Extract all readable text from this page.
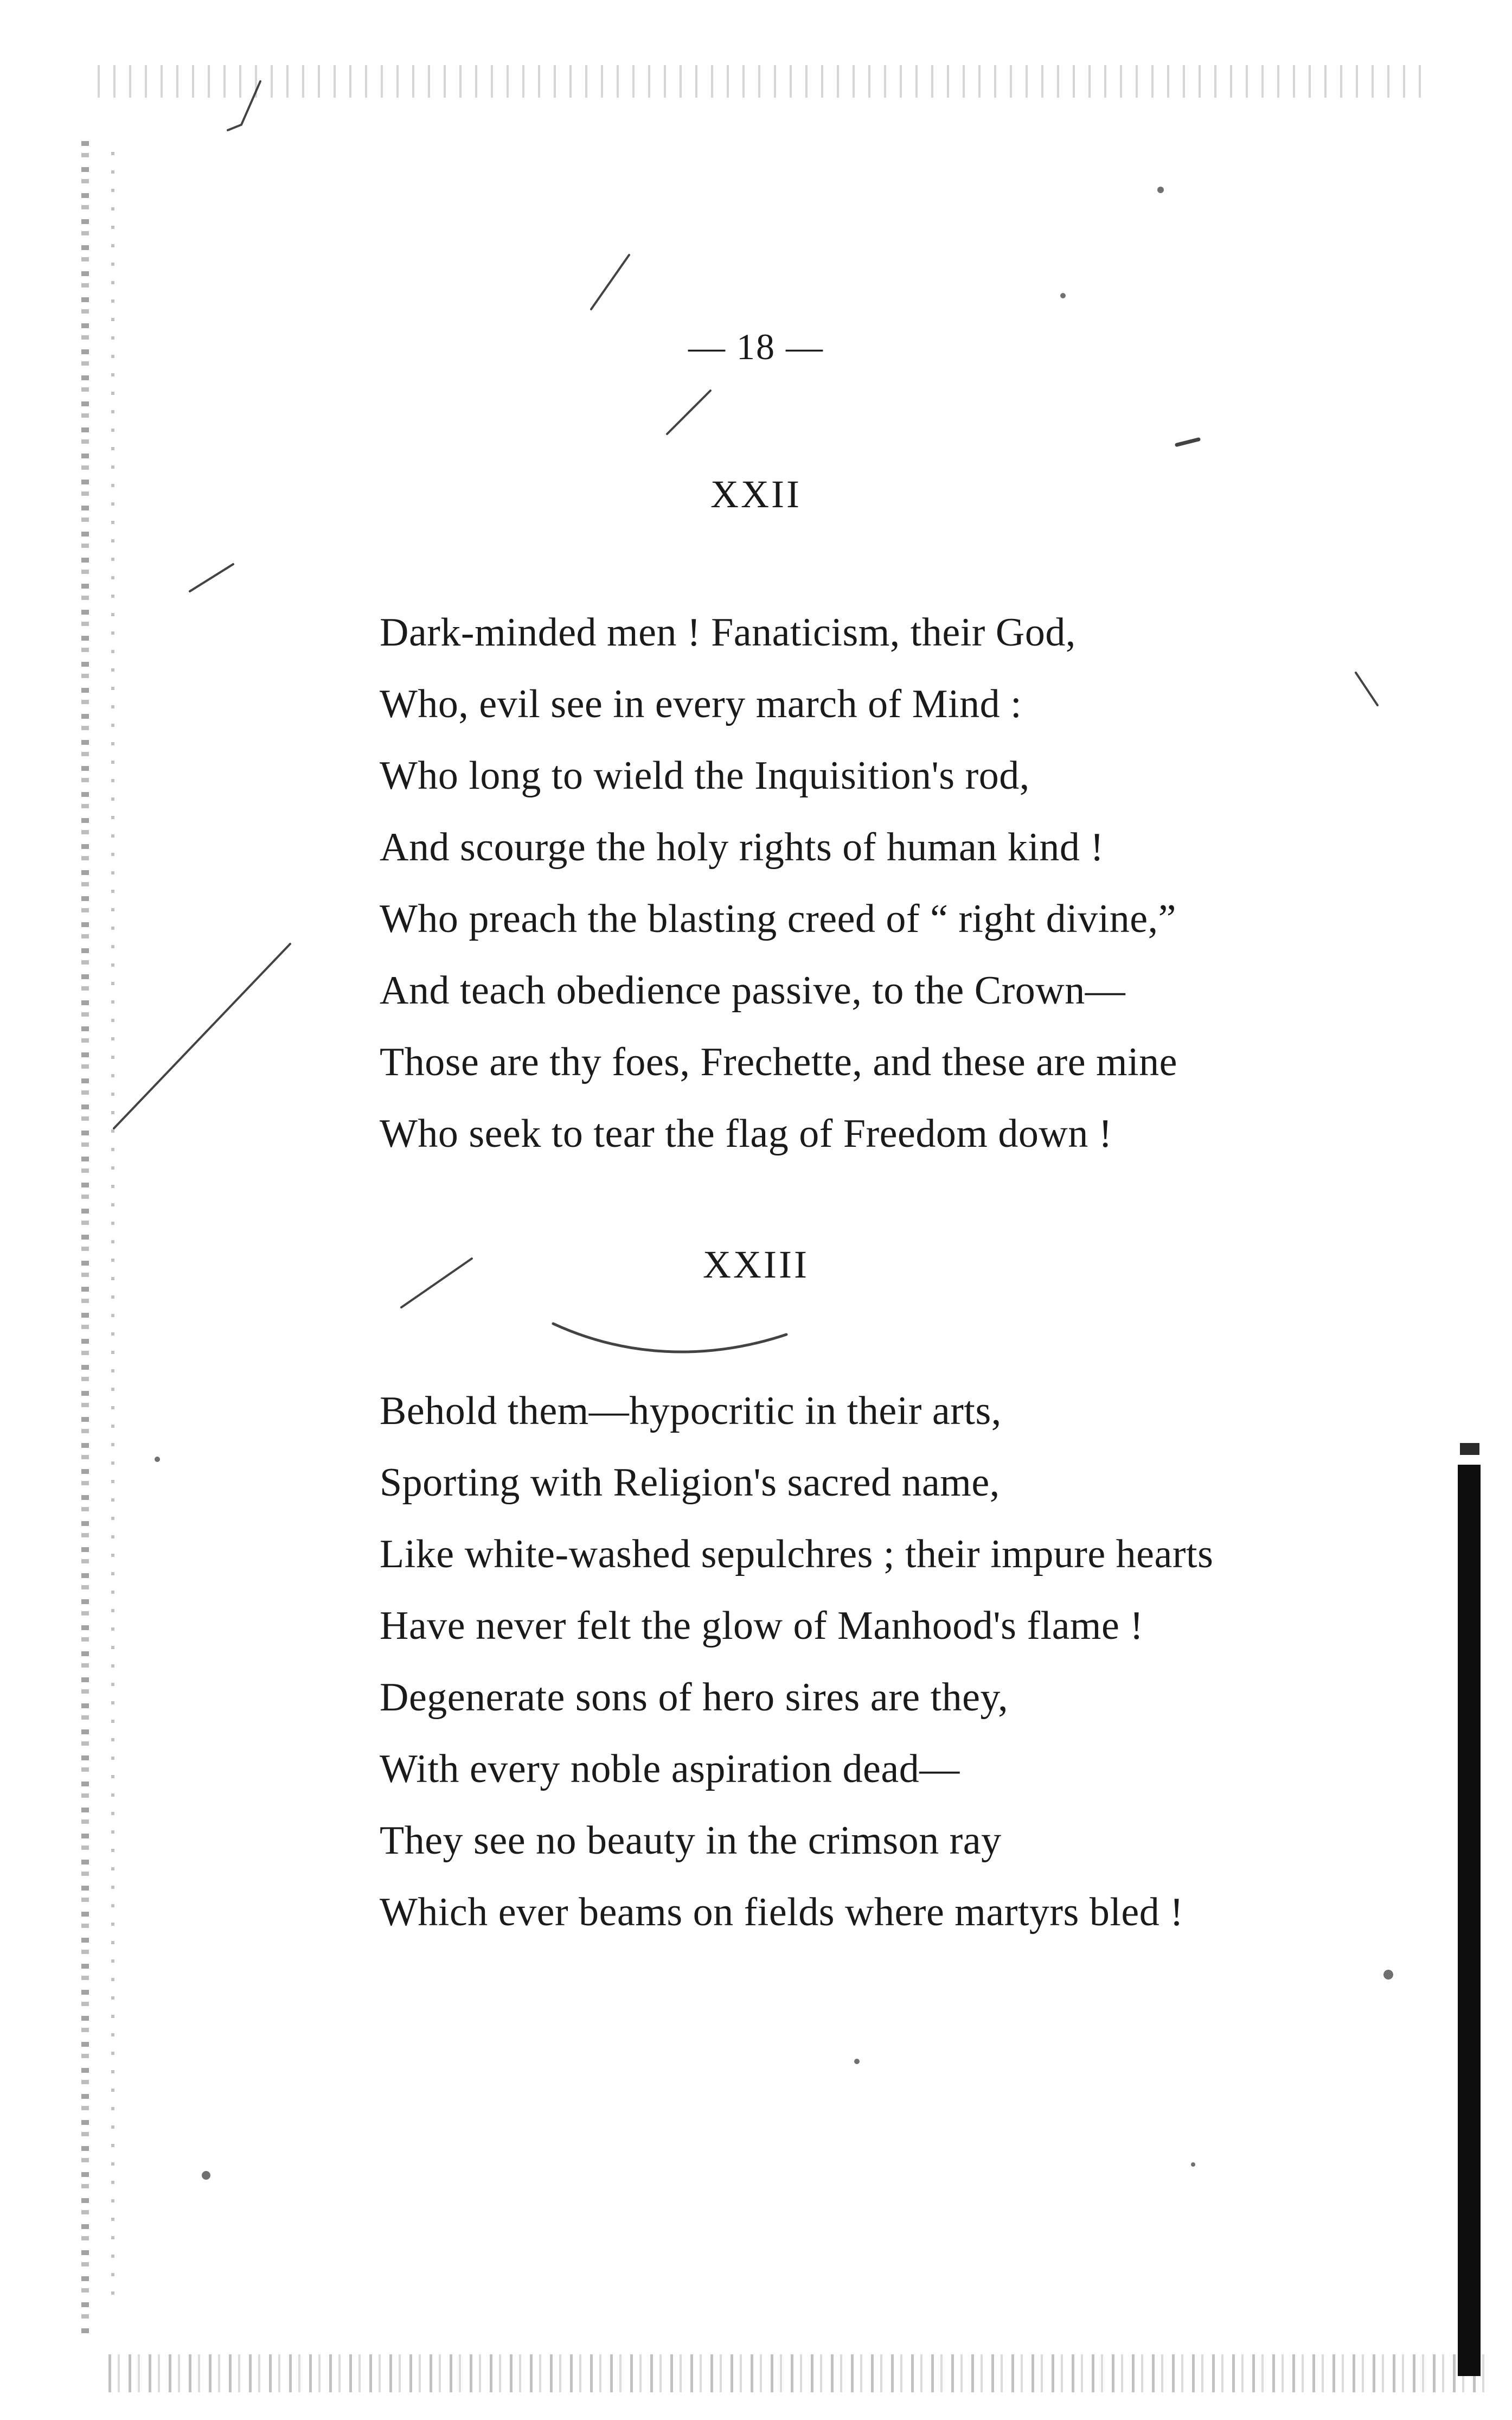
— 18 —
XXII
Dark-minded men ! Fanaticism, their God,
Who, evil see in every march of Mind :
Who long to wield the Inquisition's rod,
And scourge the holy rights of human kind !
Who preach the blasting creed of “ right divine,”
And teach obedience passive, to the Crown—
Those are thy foes, Frechette, and these are mine
Who seek to tear the flag of Freedom down !
XXIII
Behold them—hypocritic in their arts,
Sporting with Religion's sacred name,
Like white-washed sepulchres ; their impure hearts
Have never felt the glow of Manhood's flame !
Degenerate sons of hero sires are they,
With every noble aspiration dead—
They see no beauty in the crimson ray
Which ever beams on fields where martyrs bled !
